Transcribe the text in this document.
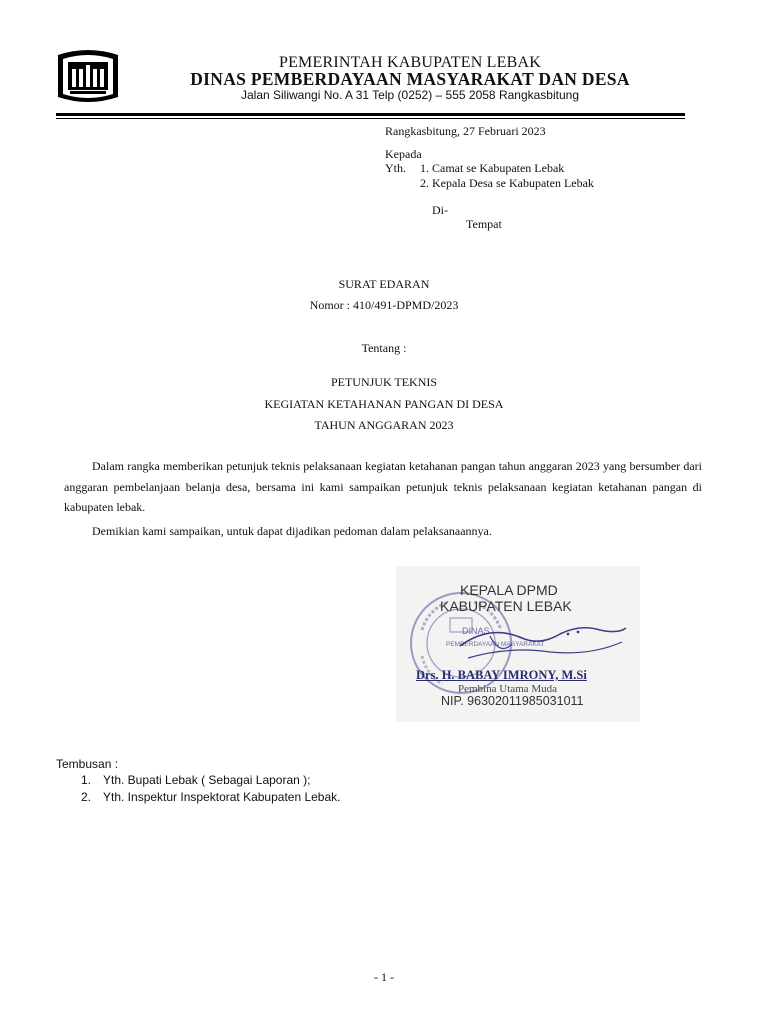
PEMERINTAH KABUPATEN LEBAK
DINAS PEMBERDAYAAN MASYARAKAT DAN DESA
Jalan Siliwangi No. A 31 Telp (0252) – 555 2058 Rangkasbitung
Rangkasbitung, 27 Februari 2023
Kepada
Yth. 1. Camat se Kabupaten Lebak
2. Kepala Desa se Kabupaten Lebak
Di-
Tempat
SURAT EDARAN
Nomor : 410/491-DPMD/2023
Tentang :
PETUNJUK TEKNIS
KEGIATAN KETAHANAN PANGAN DI DESA
TAHUN ANGGARAN 2023
Dalam rangka memberikan petunjuk teknis pelaksanaan kegiatan ketahanan pangan tahun anggaran 2023 yang bersumber dari anggaran pembelanjaan belanja desa, bersama ini kami sampaikan petunjuk teknis pelaksanaan kegiatan ketahanan pangan di kabupaten lebak.
Demikian kami sampaikan, untuk dapat dijadikan pedoman dalam pelaksanaannya.
DINAS
PEMBERDAYAAN MASYARAKAT
KEPALA DPMD
KABUPATEN LEBAK
Drs. H. BABAY IMRONY, M.Si
Pembina Utama Muda
NIP. 96302011985031011
Tembusan :
1. Yth. Bupati Lebak ( Sebagai Laporan );
2. Yth. Inspektur Inspektorat Kabupaten Lebak.
- 1 -
